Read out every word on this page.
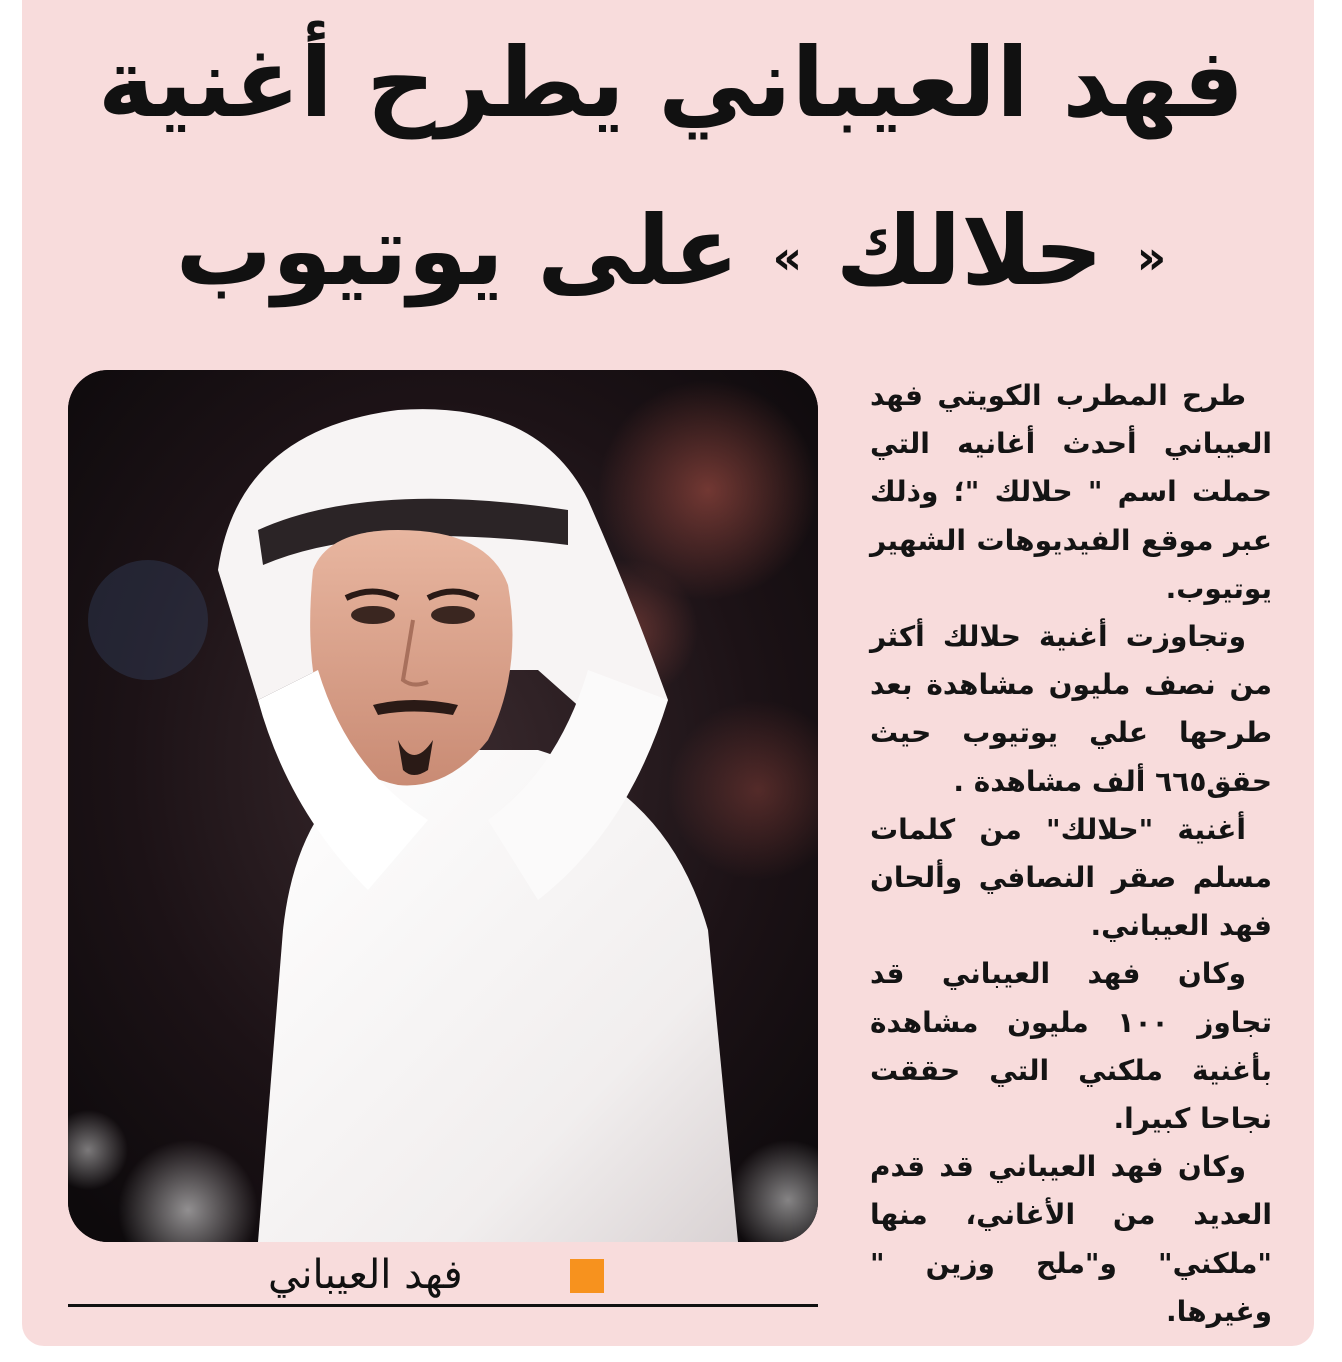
فهد العيباني يطرح أغنية
« حلالك » على يوتيوب
فهد العيباني

طرح المطرب الكويتي فهد العيباني أحدث أغانيه التي حملت اسم " حلالك "؛ وذلك عبر موقع الفيديوهات الشهير يوتيوب.

وتجاوزت أغنية حلالك أكثر من نصف مليون مشاهدة بعد طرحها علي يوتيوب حيث حقق٦٦٥ ألف مشاهدة .

أغنية "حلالك" من كلمات مسلم صقر النصافي وألحان فهد العيباني.

وكان فهد العيباني قد تجاوز ١٠٠ مليون مشاهدة بأغنية ملكني التي حققت نجاحا كبيرا.

وكان فهد العيباني قد قدم العديد من الأغاني، منها "ملكني" و"ملح وزين " وغيرها.
